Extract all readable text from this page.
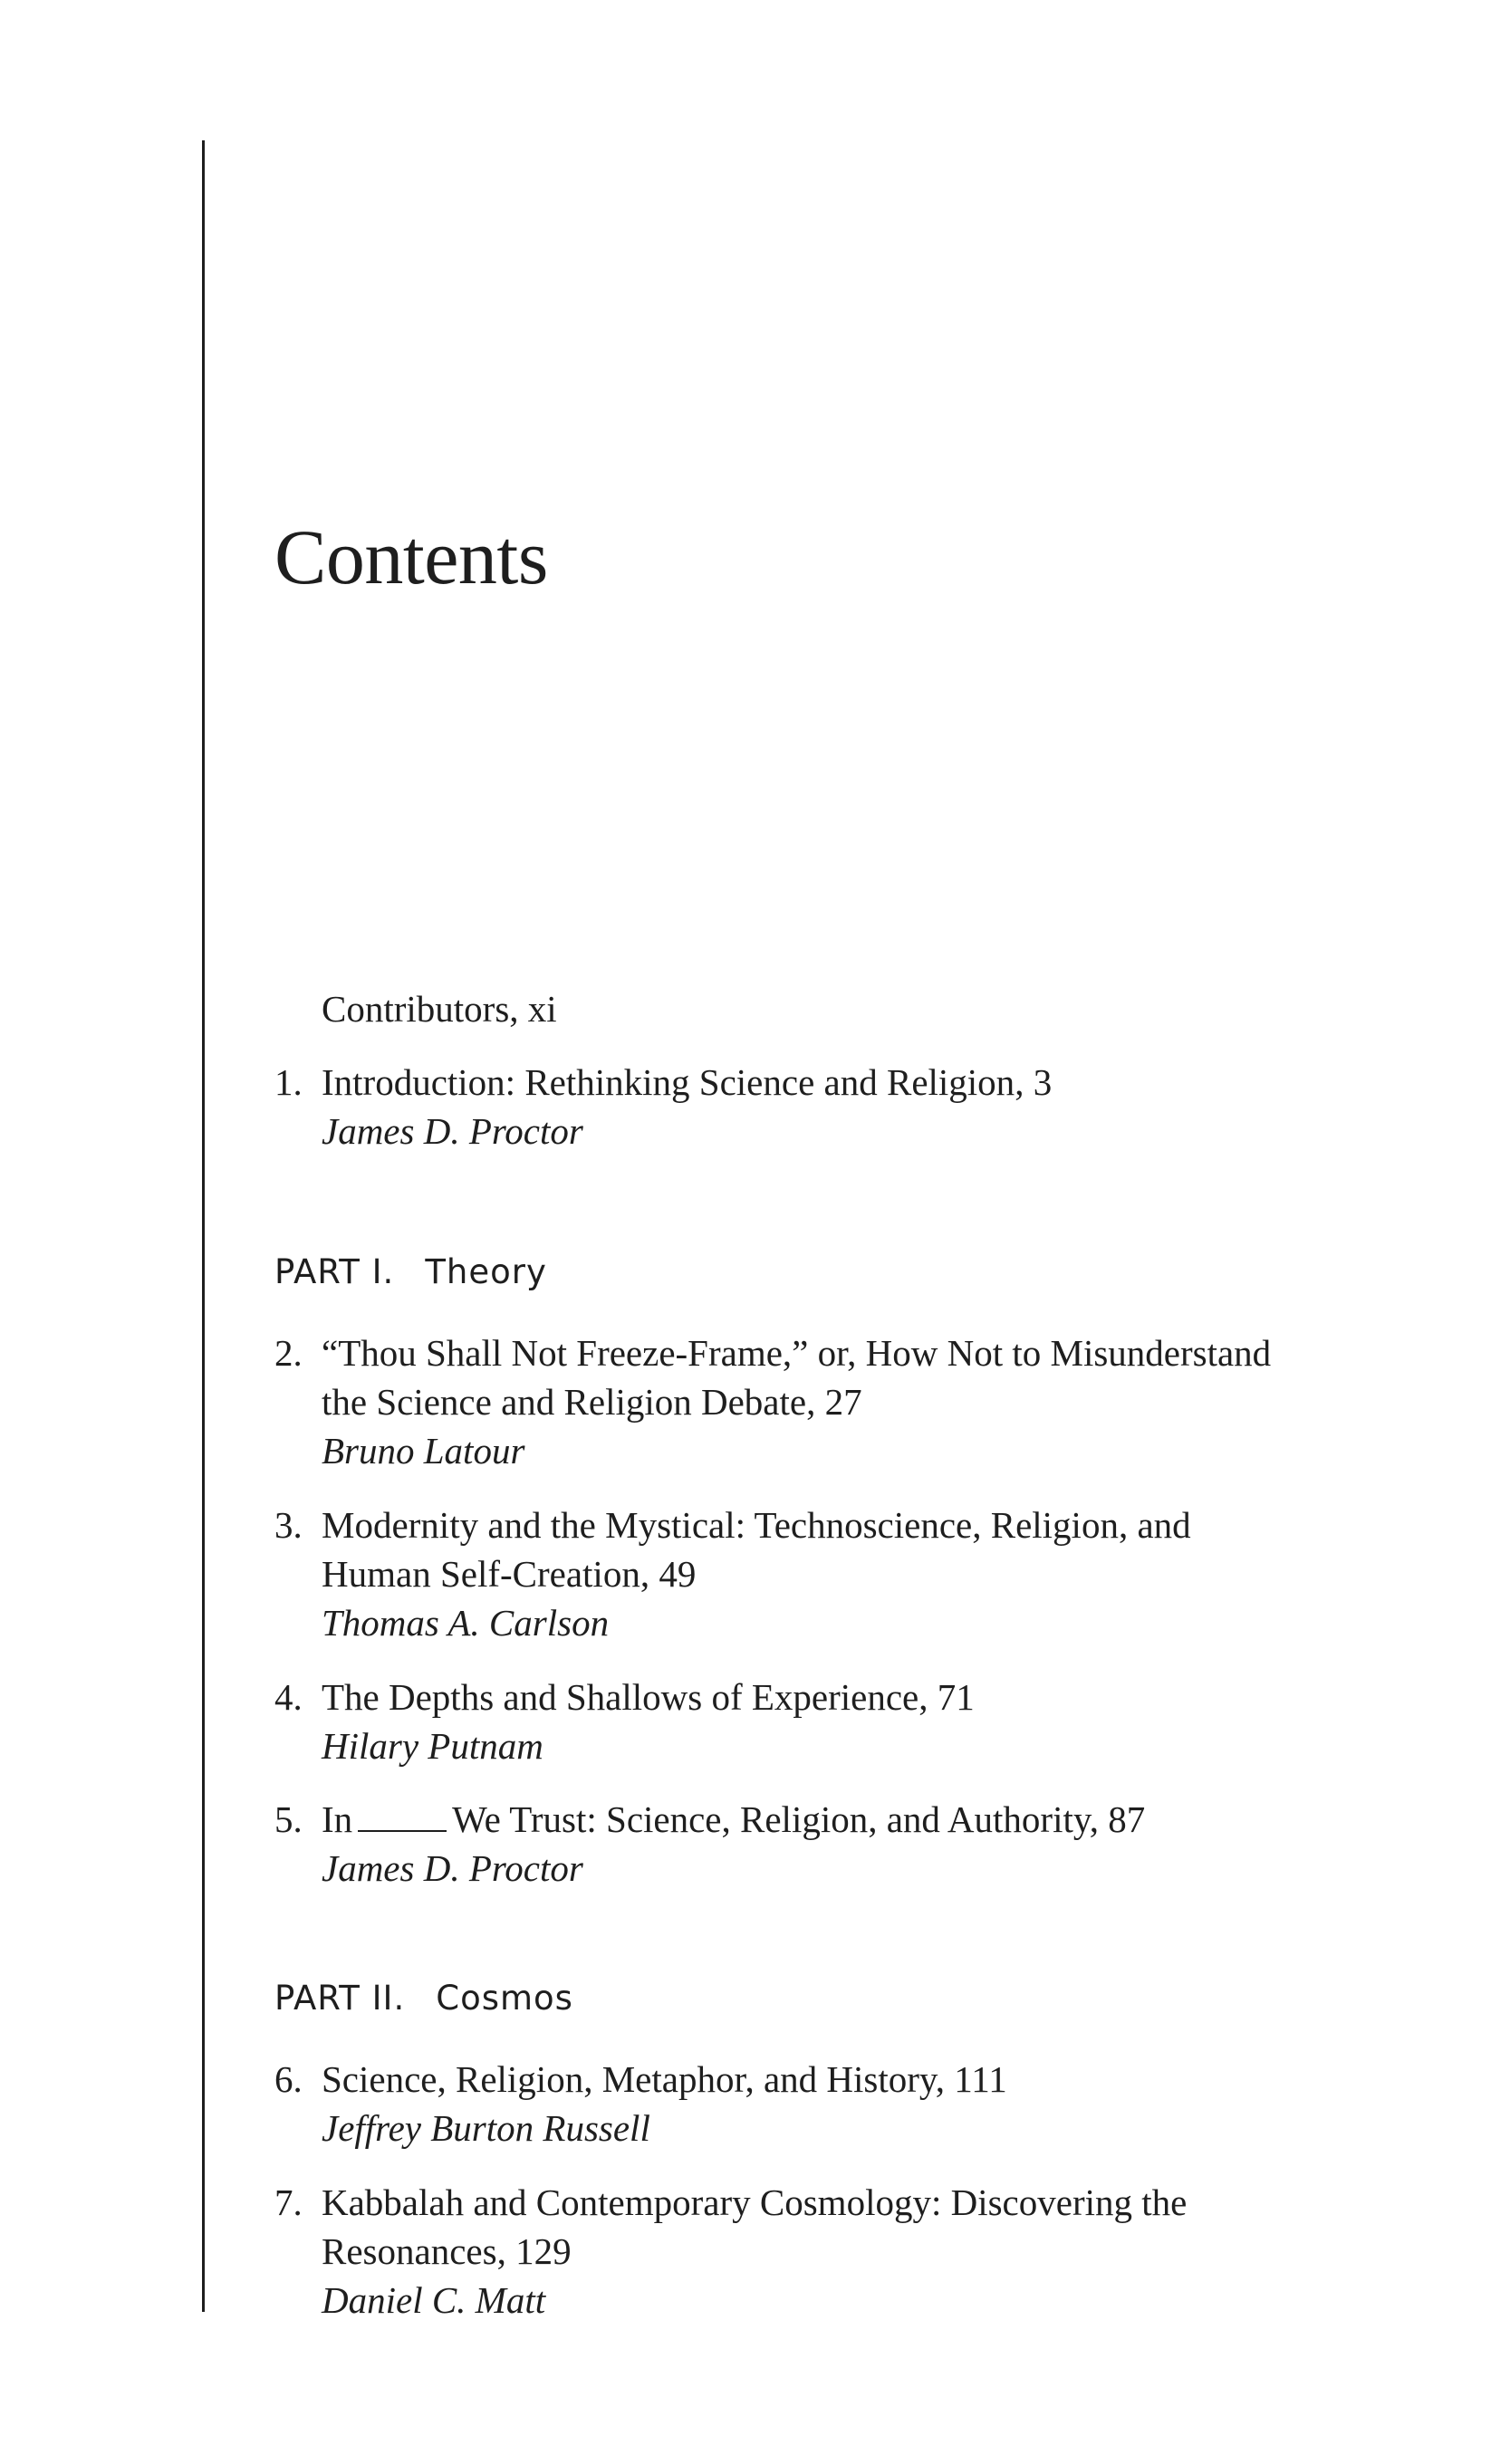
Contents
Contributors, xi
1. Introduction: Rethinking Science and Religion, 3
James D. Proctor
PART I. Theory
2. “Thou Shall Not Freeze-Frame,” or, How Not to Misunderstand
the Science and Religion Debate, 27
Bruno Latour
3. Modernity and the Mystical: Technoscience, Religion, and
Human Self-Creation, 49
Thomas A. Carlson
4. The Depths and Shallows of Experience, 71
Hilary Putnam
5. In	We Trust: Science, Religion, and Authority, 87
James D. Proctor
PART II. Cosmos
6. Science, Religion, Metaphor, and History, 111
Jeffrey Burton Russell
7. Kabbalah and Contemporary Cosmology: Discovering the
Resonances, 129
Daniel C. Matt
